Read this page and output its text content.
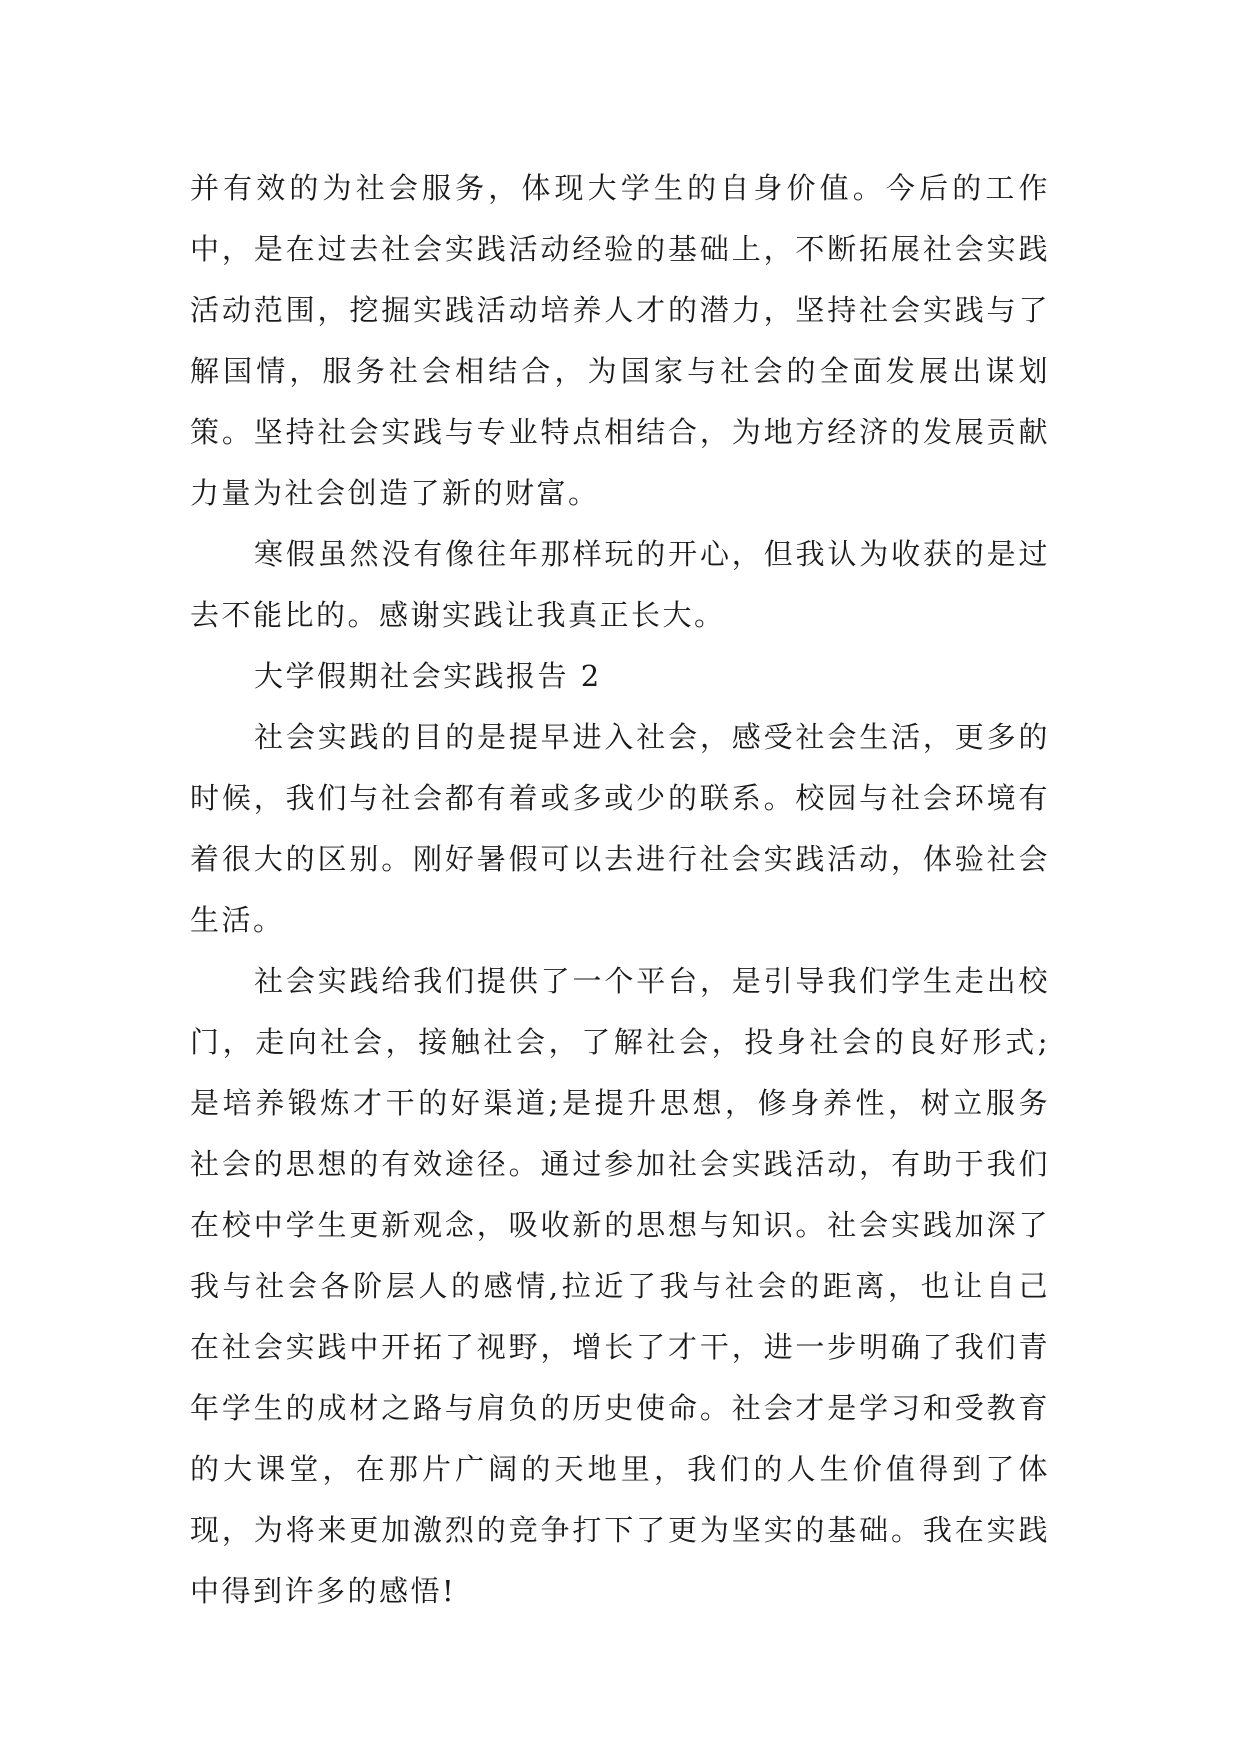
并有效的为社会服务，体现大学生的自身价值。今后的工作中，是在过去社会实践活动经验的基础上，不断拓展社会实践活动范围，挖掘实践活动培养人才的潜力，坚持社会实践与了解国情，服务社会相结合，为国家与社会的全面发展出谋划策。坚持社会实践与专业特点相结合，为地方经济的发展贡献力量为社会创造了新的财富。

寒假虽然没有像往年那样玩的开心，但我认为收获的是过去不能比的。感谢实践让我真正长大。

大学假期社会实践报告 2

社会实践的目的是提早进入社会，感受社会生活，更多的时候，我们与社会都有着或多或少的联系。校园与社会环境有着很大的区别。刚好暑假可以去进行社会实践活动，体验社会生活。

社会实践给我们提供了一个平台，是引导我们学生走出校门，走向社会，接触社会，了解社会，投身社会的良好形式;是培养锻炼才干的好渠道;是提升思想，修身养性，树立服务社会的思想的有效途径。通过参加社会实践活动，有助于我们在校中学生更新观念，吸收新的思想与知识。社会实践加深了我与社会各阶层人的感情,拉近了我与社会的距离，也让自己在社会实践中开拓了视野，增长了才干，进一步明确了我们青年学生的成材之路与肩负的历史使命。社会才是学习和受教育的大课堂，在那片广阔的天地里，我们的人生价值得到了体现，为将来更加激烈的竞争打下了更为坚实的基础。我在实践中得到许多的感悟!
